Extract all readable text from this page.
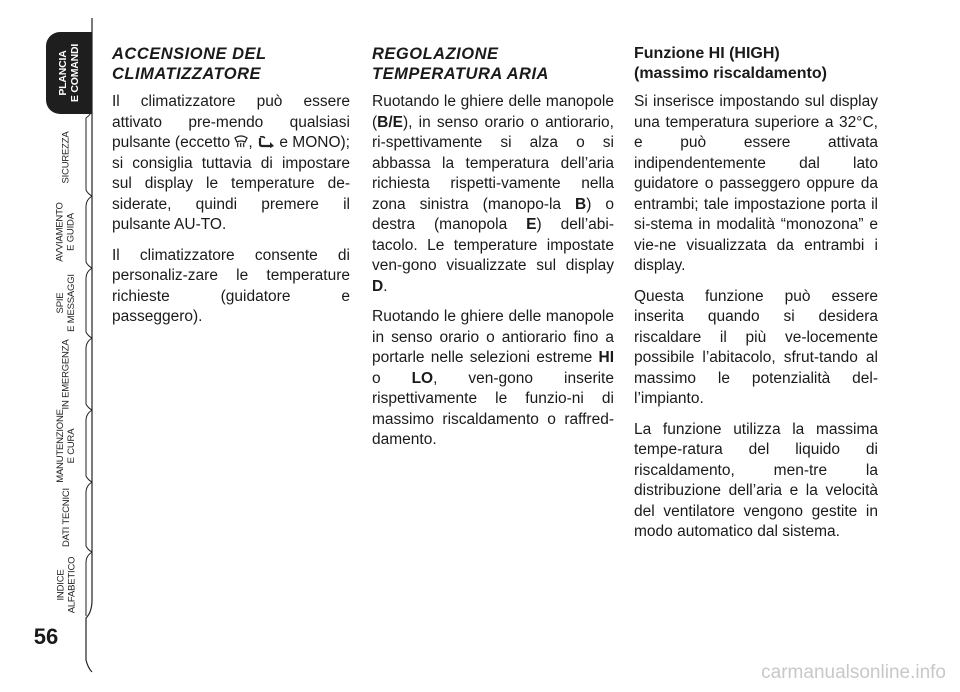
PLANCIA
E COMANDI
SICUREZZA
AVVIAMENTO
E GUIDA
SPIE
E MESSAGGI
IN EMERGENZA
MANUTENZIONE
E CURA
DATI TECNICI
INDICE
ALFABETICO
56
ACCENSIONE DEL CLIMATIZZATORE

Il climatizzatore può essere attivato pre-mendo qualsiasi pulsante (eccetto ,  e MONO); si consiglia tuttavia di impostare sul display le temperature de-siderate, quindi premere il pulsante AU-TO.

Il climatizzatore consente di personaliz-zare le temperature richieste (guidatore e passeggero).

REGOLAZIONE TEMPERATURA ARIA

Ruotando le ghiere delle manopole (B/E), in senso orario o antiorario, ri-spettivamente si alza o si abbassa la temperatura dell’aria richiesta rispetti-vamente nella zona sinistra (manopo-la B) o destra (manopola E) dell’abi-tacolo. Le temperature impostate ven-gono visualizzate sul display D.

Ruotando le ghiere delle manopole in senso orario o antiorario fino a portarle nelle selezioni estreme HI o LO, ven-gono inserite rispettivamente le funzio-ni di massimo riscaldamento o raffred-damento.

Funzione HI (HIGH)
(massimo riscaldamento)

Si inserisce impostando sul display una temperatura superiore a 32°C, e può essere attivata indipendentemente dal lato guidatore o passeggero oppure da entrambi; tale impostazione porta il si-stema in modalità “monozona” e vie-ne visualizzata da entrambi i display.

Questa funzione può essere inserita quando si desidera riscaldare il più ve-locemente possibile l’abitacolo, sfrut-tando al massimo le potenzialità del-l’impianto.

La funzione utilizza la massima tempe-ratura del liquido di riscaldamento, men-tre la distribuzione dell’aria e la velocità del ventilatore vengono gestite in modo automatico dal sistema.

carmanualsonline.info
